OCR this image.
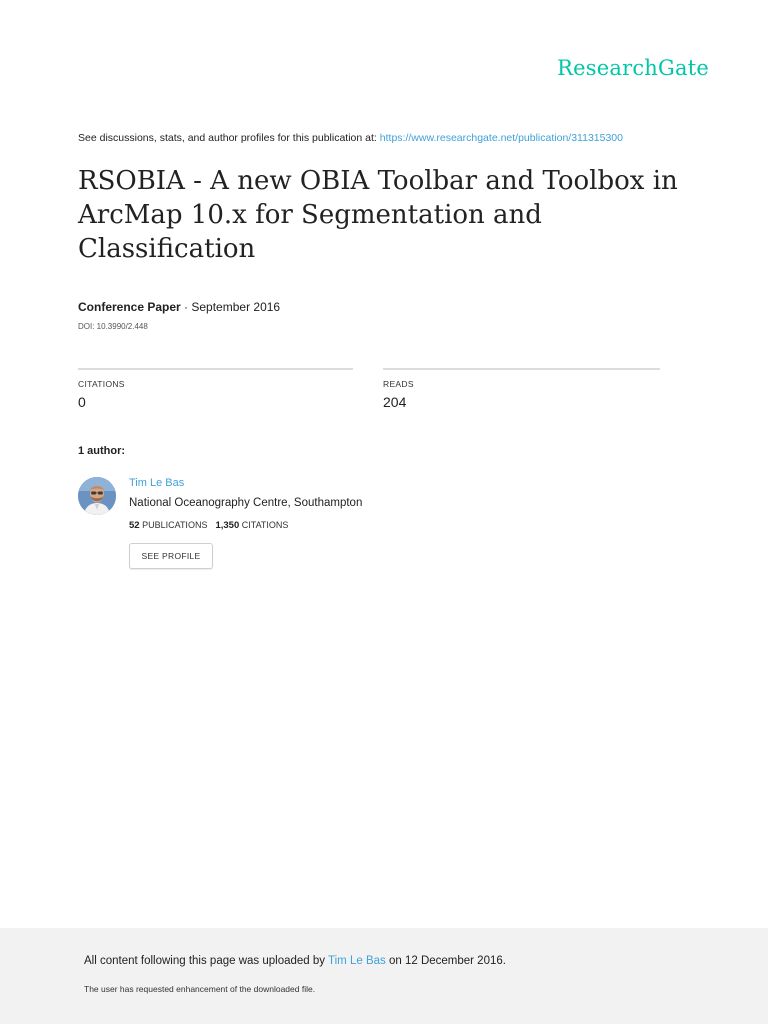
ResearchGate
See discussions, stats, and author profiles for this publication at: https://www.researchgate.net/publication/311315300
RSOBIA - A new OBIA Toolbar and Toolbox in ArcMap 10.x for Segmentation and Classification
Conference Paper · September 2016
DOI: 10.3990/2.448
CITATIONS
0
READS
204
1 author:
Tim Le Bas
National Oceanography Centre, Southampton
52 PUBLICATIONS 1,350 CITATIONS
SEE PROFILE
All content following this page was uploaded by Tim Le Bas on 12 December 2016.
The user has requested enhancement of the downloaded file.
